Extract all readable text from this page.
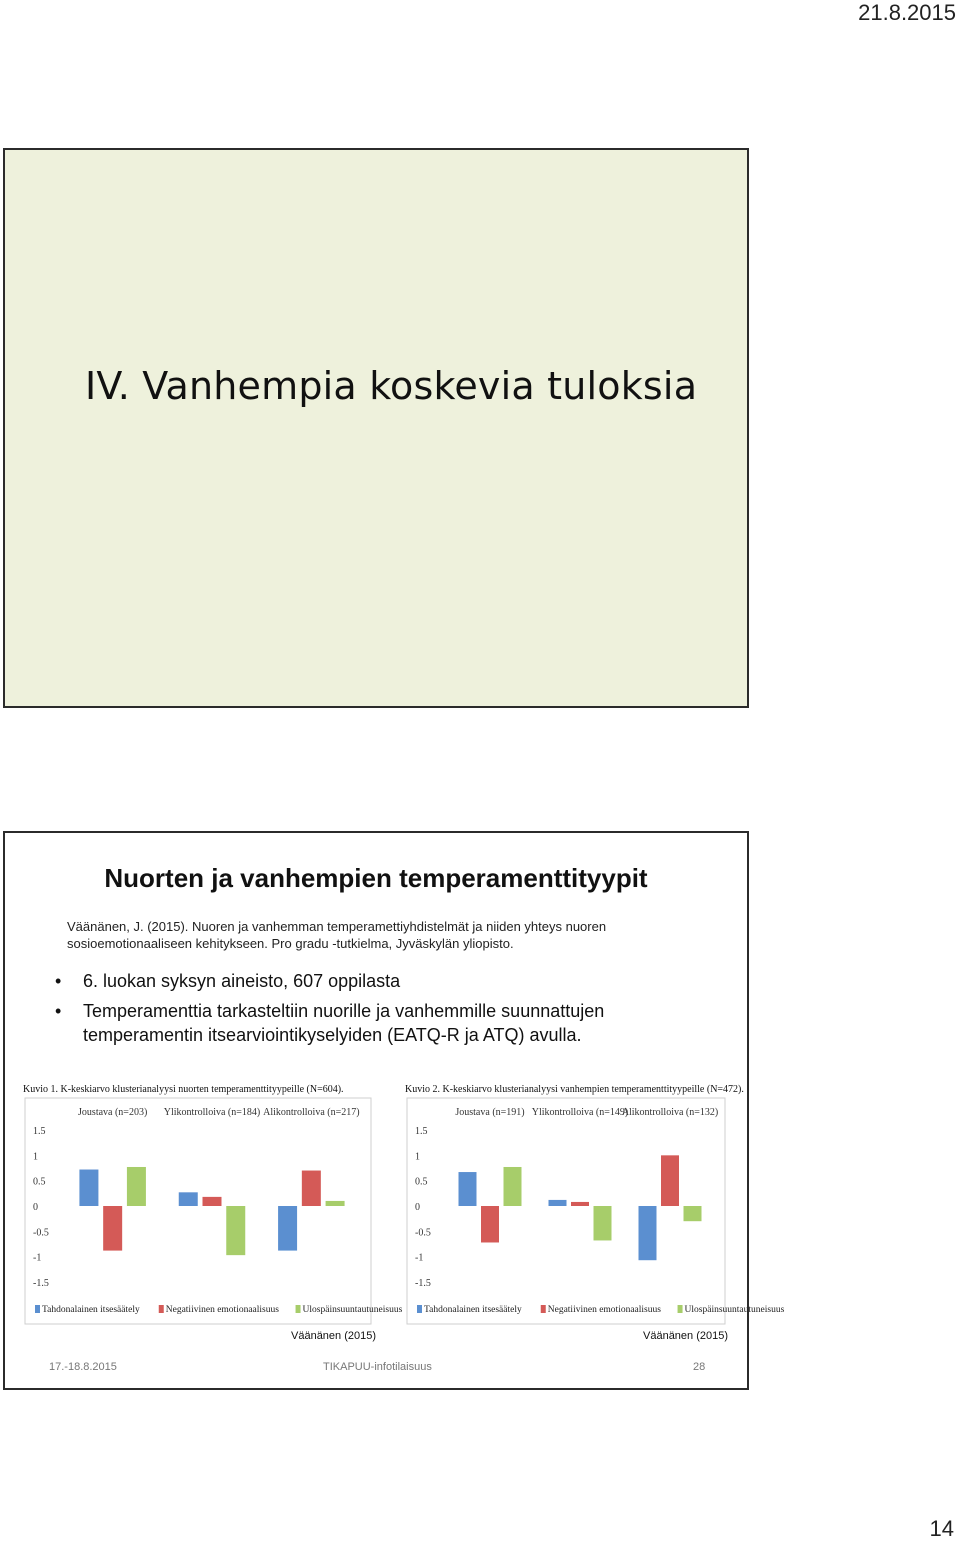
21.8.2015
IV. Vanhempia koskevia tuloksia
Nuorten ja vanhempien temperamenttityypit
Väänänen, J. (2015). Nuoren ja vanhemman temperamettiyhdistelmät ja niiden yhteys nuoren
sosioemotionaaliseen kehitykseen. Pro gradu -tutkielma, Jyväskylän yliopisto.
• 6. luokan syksyn aineisto, 607 oppilasta
• Temperamenttia tarkasteltiin nuorille ja vanhemmille suunnattujen temperamentin itsearviointikyselyiden (EATQ-R ja ATQ) avulla.
Kuvio 1. K-keskiarvo klusterianalyysi nuorten temperamenttityypeille (N=604).
1.5
1
0.5
0
-0.5
-1
-1.5
Joustava (n=203) Ylikontrolloiva (n=184) Alikontrolloiva (n=217)
Tahdonalainen itsesäätely	Negatiivinen emotionaalisuus Ulospäinsuuntautuneisuus
Kuvio 2. K-keskiarvo klusterianalyysi vanhempien temperamenttityypeille (N=472).
1.5
1
0.5
0
-0.5
-1
-1.5
Joustava (n=191) Ylikontrolloiva (n=149)
Alikontrolloiva (n=132)
Tahdonalainen itsesäätely	Negatiivinen emotionaalisuus Ulospäinsuuntautuneisuus
Väänänen (2015)	Väänänen (2015)
17.-18.8.2015	TIKAPUU-infotilaisuus	28
14
